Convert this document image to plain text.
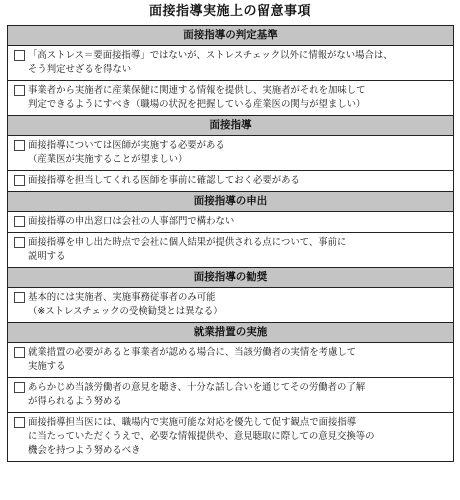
面接指導実施上の留意事項
面接指導の判定基準

「高ストレス＝要面接指導」ではないが、ストレスチェック以外に情報がない場合は、
そう判定せざるを得ない

事業者から実施者に産業保健に関連する情報を提供し、実施者がそれを加味して
判定できるようにすべき（職場の状況を把握している産業医の関与が望ましい）

面接指導

面接指導については医師が実施する必要がある
（産業医が実施することが望ましい）

面接指導を担当してくれる医師を事前に確認しておく必要がある

面接指導の申出

面接指導の申出窓口は会社の人事部門で構わない

面接指導を申し出た時点で会社に個人結果が提供される点について、事前に
説明する

面接指導の勧奨

基本的には実施者、実施事務従事者のみ可能
（※ストレスチェックの受検勧奨とは異なる）

就業措置の実施

就業措置の必要があると事業者が認める場合に、当該労働者の実情を考慮して
実施する

あらかじめ当該労働者の意見を聴き、十分な話し合いを通じてその労働者の了解
が得られるよう努める

面接指導担当医には、職場内で実施可能な対応を優先して促す観点で面接指導
に当たっていただくうえで、必要な情報提供や、意見聴取に際しての意見交換等の
機会を持つよう努めるべき
